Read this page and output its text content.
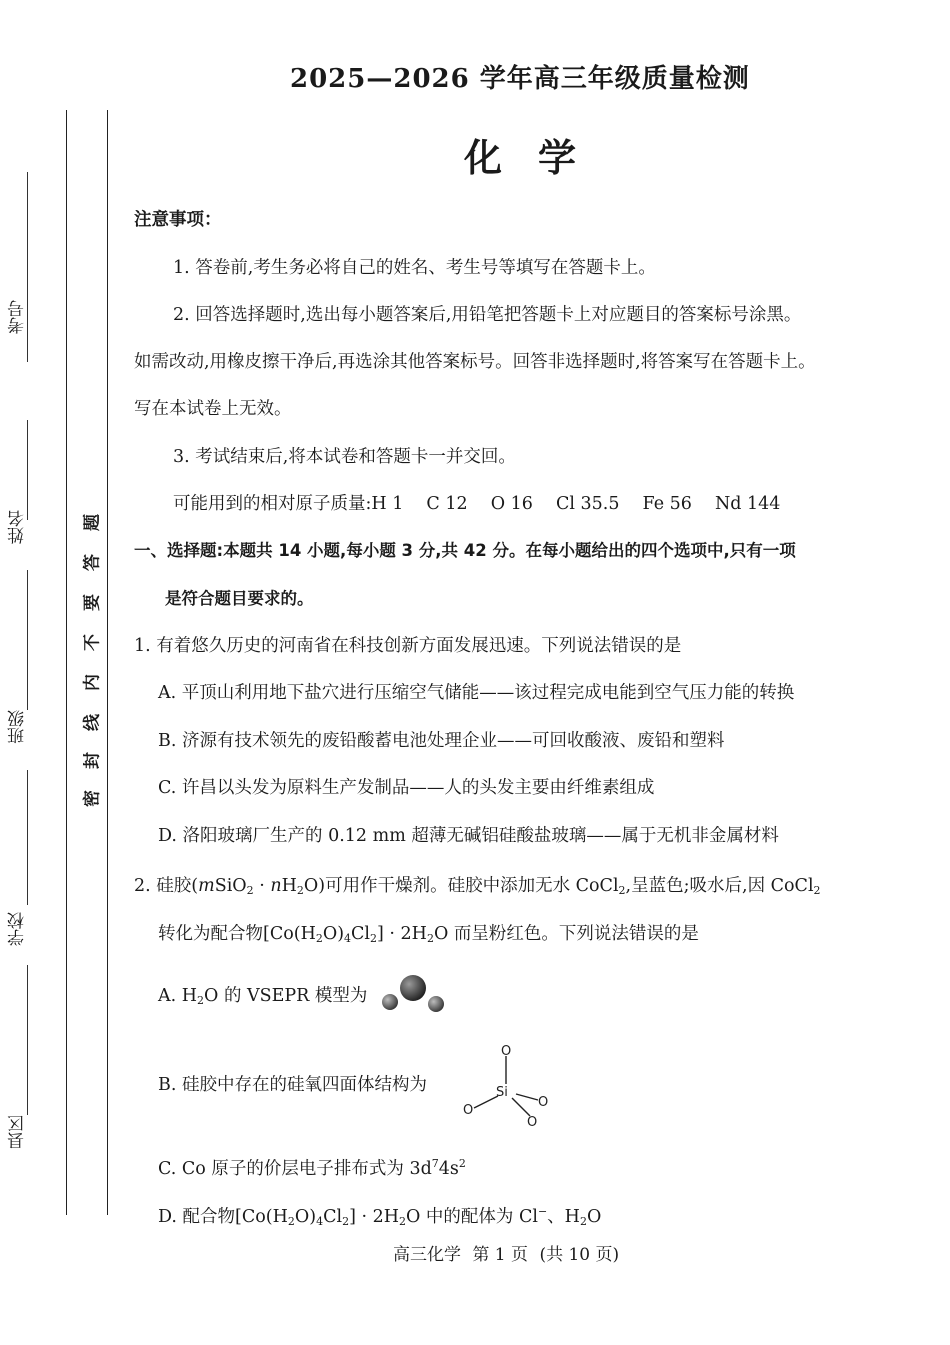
考号
姓名
班级
学校
县区
密
封
线
内
不
要
答
题
2025—2026 学年高三年级质量检测
化学
注意事项：
1. 答卷前,考生务必将自己的姓名、考生号等填写在答题卡上。
2. 回答选择题时,选出每小题答案后,用铅笔把答题卡上对应题目的答案标号涂黑。
如需改动,用橡皮擦干净后,再选涂其他答案标号。回答非选择题时,将答案写在答题卡上。
写在本试卷上无效。
3. 考试结束后,将本试卷和答题卡一并交回。
可能用到的相对原子质量:H 1　 C 12　 O 16　 Cl 35.5　 Fe 56　 Nd 144
一、选择题:本题共 14 小题,每小题 3 分,共 42 分。在每小题给出的四个选项中,只有一项
是符合题目要求的。
1. 有着悠久历史的河南省在科技创新方面发展迅速。下列说法错误的是
A. 平顶山利用地下盐穴进行压缩空气储能——该过程完成电能到空气压力能的转换
B. 济源有技术领先的废铅酸蓄电池处理企业——可回收酸液、废铅和塑料
C. 许昌以头发为原料生产发制品——人的头发主要由纤维素组成
D. 洛阳玻璃厂生产的 0.12 mm 超薄无碱铝硅酸盐玻璃——属于无机非金属材料
2. 硅胶(mSiO$_2$ · $nH_2O$)可用作干燥剂。硅胶中添加无水 CoCl$_2$,呈蓝色;吸水后,因 CoCl$_2$
转化为配合物$[Co(H_2O)_4Cl_2] \cdot 2H_2O$ 而呈粉红色。下列说法错误的是
A. $H_2O$ 的 VSEPR 模型为
B. 硅胶中存在的硅氧四面体结构为	Si
O
O
O
O
C. Co 原子的价层电子排布式为 $3d^74s^2$
D. 配合物$[Co(H_2O)_4Cl_2] \cdot 2H_2O$ 中的配体为 Cl−、$H_2O$
高三化学 第 1 页 (共 10 页)
